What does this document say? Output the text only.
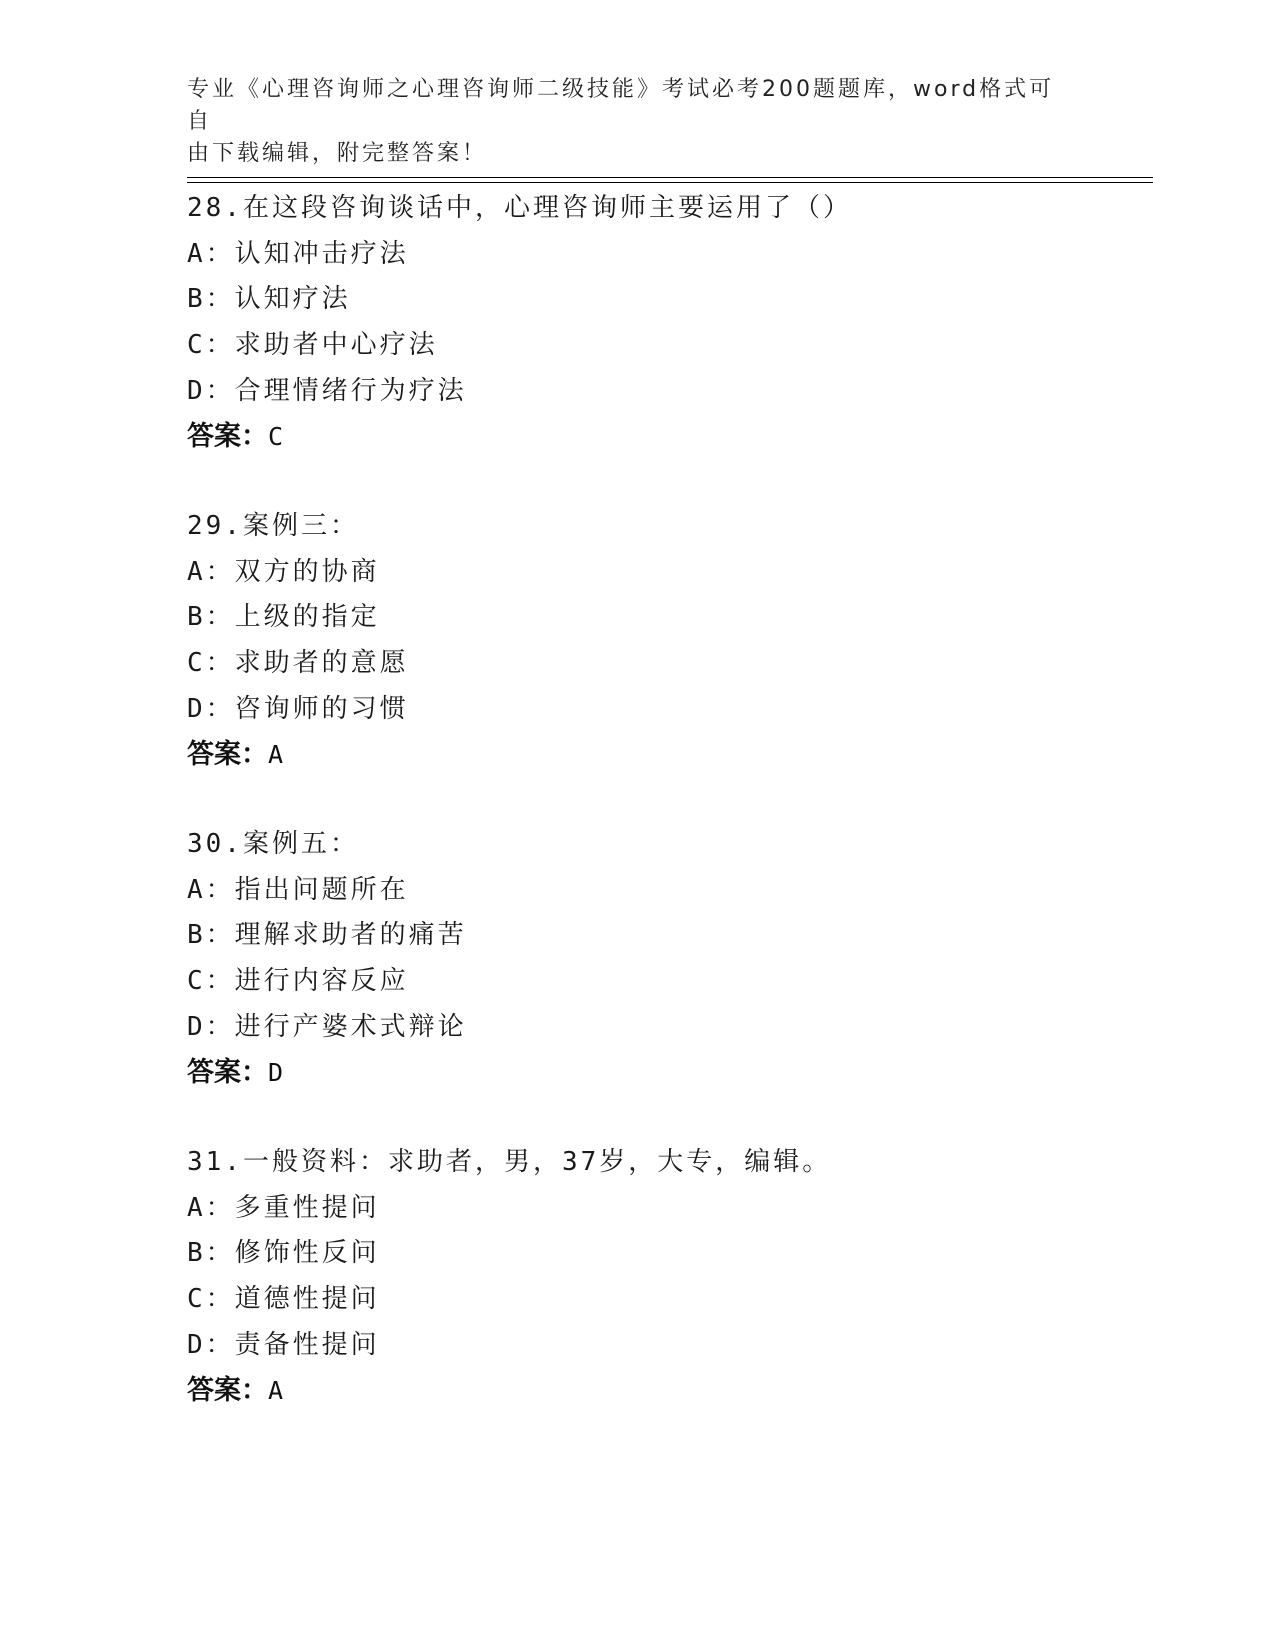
专业《心理咨询师之心理咨询师二级技能》考试必考200题题库，word格式可自
由下载编辑，附完整答案！
28.在这段咨询谈话中，心理咨询师主要运用了（）
A：认知冲击疗法
B：认知疗法
C：求助者中心疗法
D：合理情绪行为疗法
答案：C
29.案例三：
A：双方的协商
B：上级的指定
C：求助者的意愿
D：咨询师的习惯
答案：A
30.案例五：
A：指出问题所在
B：理解求助者的痛苦
C：进行内容反应
D：进行产婆术式辩论
答案：D
31.一般资料：求助者，男，37岁，大专，编辑。
A：多重性提问
B：修饰性反问
C：道德性提问
D：责备性提问
答案：A
